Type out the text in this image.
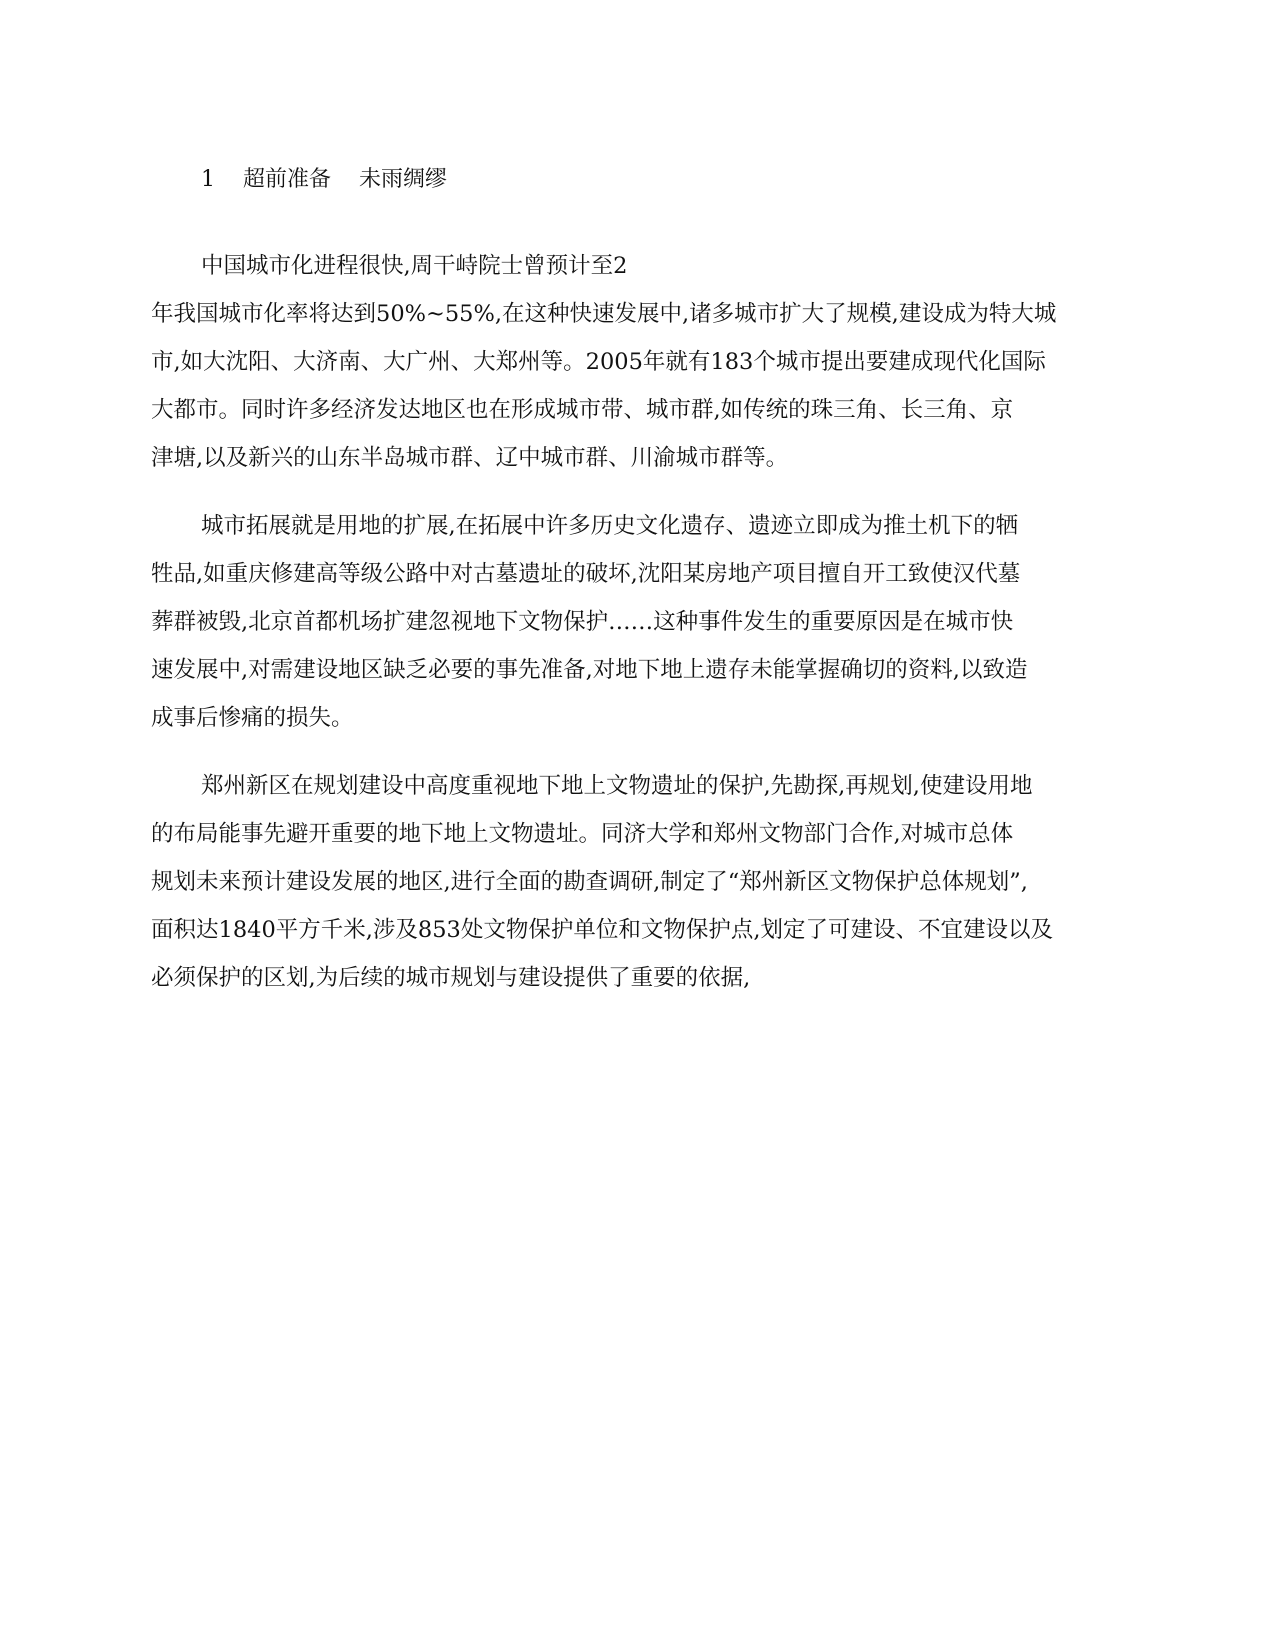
1    超前准备    未雨绸缪
中国城市化进程很快,周干峙院士曾预计至2
年我国城市化率将达到50%~55%,在这种快速发展中,诸多城市扩大了规模,建设成为特大城
市,如大沈阳、大济南、大广州、大郑州等。2005年就有183个城市提出要建成现代化国际
大都市。同时许多经济发达地区也在形成城市带、城市群,如传统的珠三角、长三角、京
津塘,以及新兴的山东半岛城市群、辽中城市群、川渝城市群等。
城市拓展就是用地的扩展,在拓展中许多历史文化遗存、遗迹立即成为推土机下的牺
牲品,如重庆修建高等级公路中对古墓遗址的破坏,沈阳某房地产项目擅自开工致使汉代墓
葬群被毁,北京首都机场扩建忽视地下文物保护……这种事件发生的重要原因是在城市快
速发展中,对需建设地区缺乏必要的事先准备,对地下地上遗存未能掌握确切的资料,以致造
成事后惨痛的损失。
郑州新区在规划建设中高度重视地下地上文物遗址的保护,先勘探,再规划,使建设用地
的布局能事先避开重要的地下地上文物遗址。同济大学和郑州文物部门合作,对城市总体
规划未来预计建设发展的地区,进行全面的勘查调研,制定了“郑州新区文物保护总体规划”,
面积达1840平方千米,涉及853处文物保护单位和文物保护点,划定了可建设、不宜建设以及
必须保护的区划,为后续的城市规划与建设提供了重要的依据,
